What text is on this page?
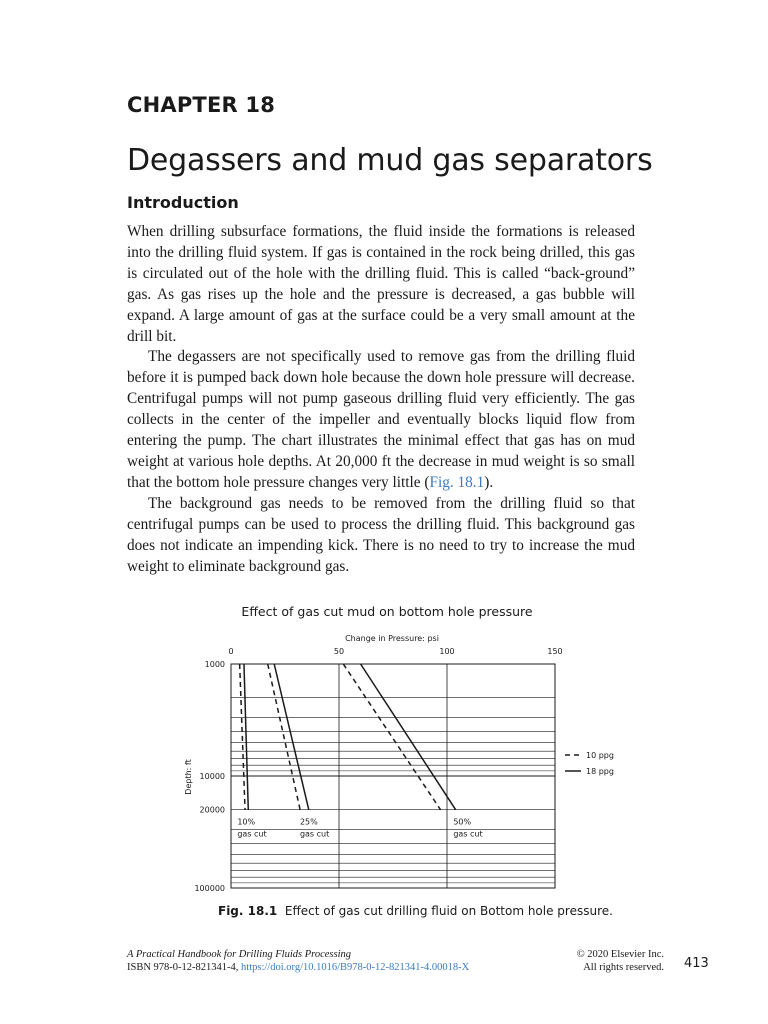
CHAPTER 18
Degassers and mud gas separators
Introduction

When drilling subsurface formations, the fluid inside the formations is released into the drilling fluid system. If gas is contained in the rock being drilled, this gas is circulated out of the hole with the drilling fluid. This is called “back-ground” gas. As gas rises up the hole and the pressure is decreased, a gas bubble will expand. A large amount of gas at the surface could be a very small amount at the drill bit.

The degassers are not specifically used to remove gas from the drilling fluid before it is pumped back down hole because the down hole pressure will decrease. Centrifugal pumps will not pump gaseous drilling fluid very efficiently. The gas collects in the center of the impeller and eventually blocks liquid flow from entering the pump. The chart illustrates the minimal effect that gas has on mud weight at various hole depths. At 20,000 ft the decrease in mud weight is so small that the bottom hole pressure changes very little (Fig. 18.1).

The background gas needs to be removed from the drilling fluid so that centrifugal pumps can be used to process the drilling fluid. This background gas does not indicate an impending kick. There is no need to try to increase the mud weight to eliminate background gas.

Effect of gas cut mud on bottom hole pressure
Change in Pressure: psi
Depth: ft
0	50	100	150
1000
10000
20000
100000
10%
gas cut
25%
gas cut
50%
gas cut
10 ppg
18 ppg
Fig. 18.1 Effect of gas cut drilling fluid on Bottom hole pressure.
A Practical Handbook for Drilling Fluids Processing
ISBN 978-0-12-821341-4, https://doi.org/10.1016/B978-0-12-821341-4.00018-X
© 2020 Elsevier Inc.
All rights reserved. 413
